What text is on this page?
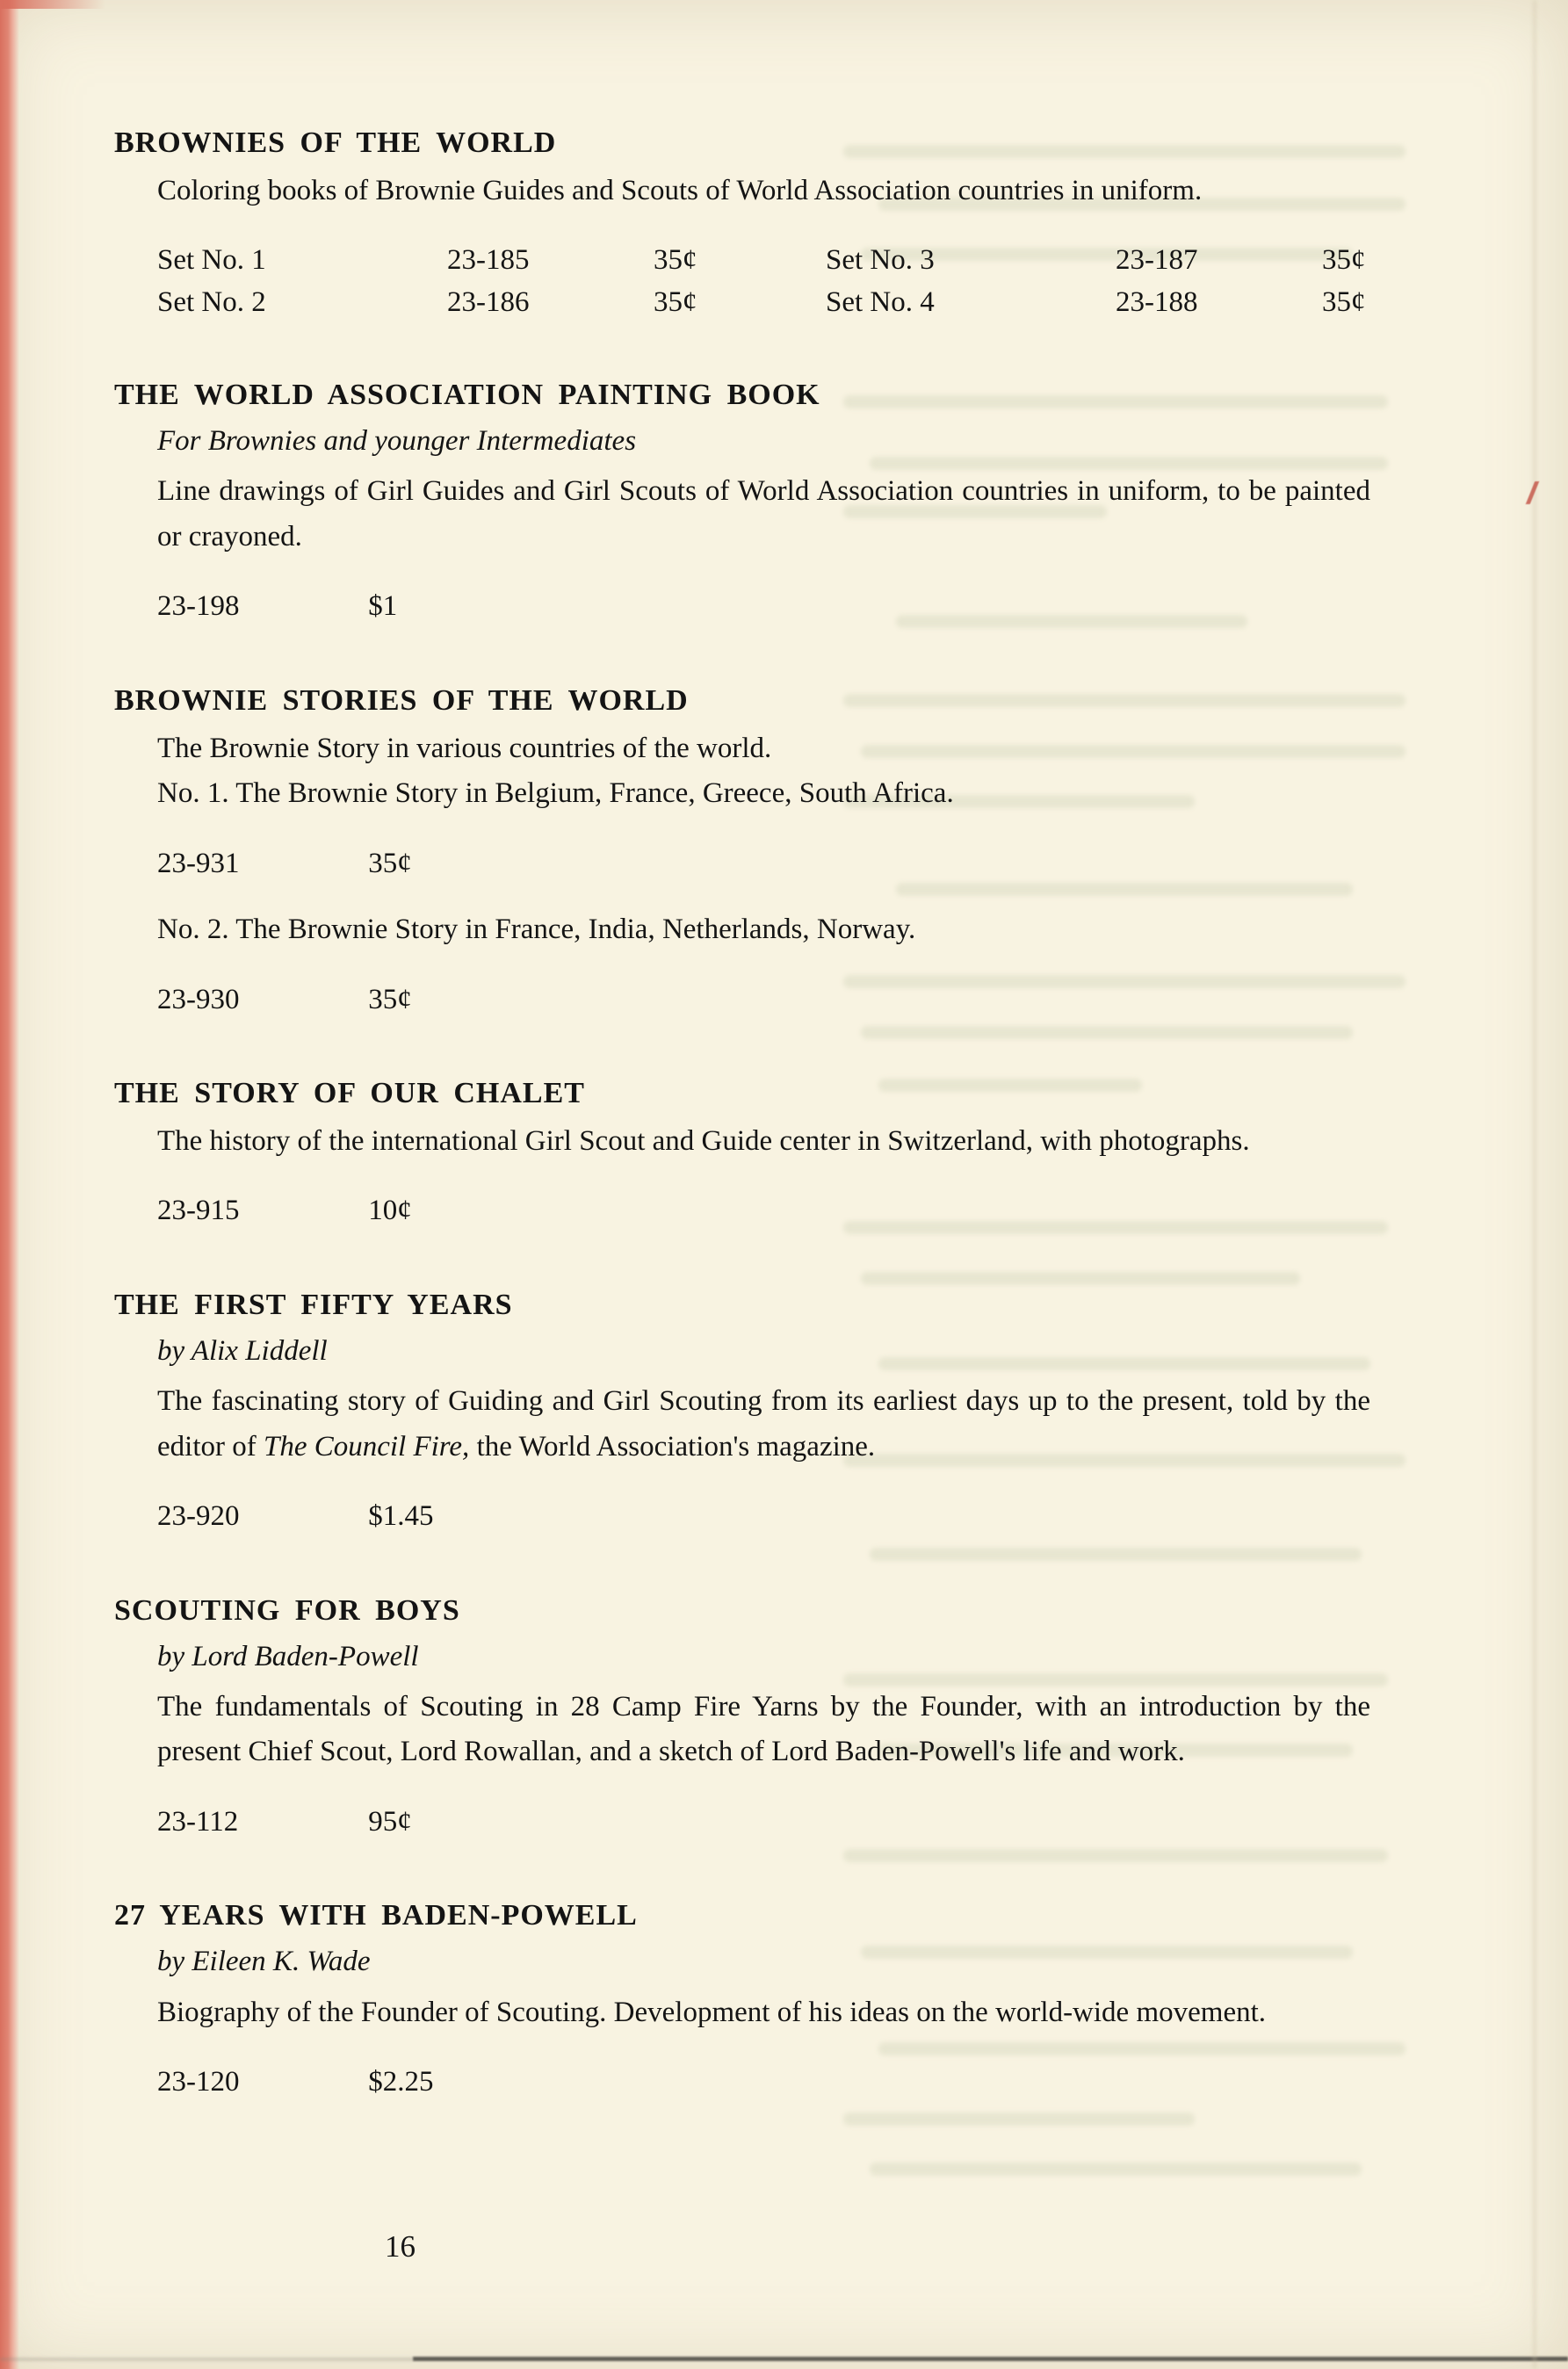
BROWNIES OF THE WORLD

Coloring books of Brownie Guides and Scouts of World Association countries in uniform.

Set No. 1	23-185	35¢	Set No. 3	23-187	35¢
Set No. 2	23-186	35¢	Set No. 4	23-188	35¢
THE WORLD ASSOCIATION PAINTING BOOK

For Brownies and younger Intermediates

Line drawings of Girl Guides and Girl Scouts of World Association countries in uniform, to be painted or crayoned.

23-198	$1

BROWNIE STORIES OF THE WORLD

The Brownie Story in various countries of the world.
No. 1. The Brownie Story in Belgium, France, Greece, South Africa.

23-931	35¢

No. 2. The Brownie Story in France, India, Netherlands, Norway.

23-930	35¢

THE STORY OF OUR CHALET

The history of the international Girl Scout and Guide center in Switzerland, with photographs.

23-915	10¢

THE FIRST FIFTY YEARS

by Alix Liddell

The fascinating story of Guiding and Girl Scouting from its earliest days up to the present, told by the editor of The Council Fire, the World Association's magazine.

23-920	$1.45

SCOUTING FOR BOYS

by Lord Baden-Powell

The fundamentals of Scouting in 28 Camp Fire Yarns by the Founder, with an introduction by the present Chief Scout, Lord Rowallan, and a sketch of Lord Baden-Powell's life and work.

23-112	95¢

27 YEARS WITH BADEN-POWELL

by Eileen K. Wade

Biography of the Founder of Scouting. Development of his ideas on the world-wide movement.

23-120	$2.25

16
